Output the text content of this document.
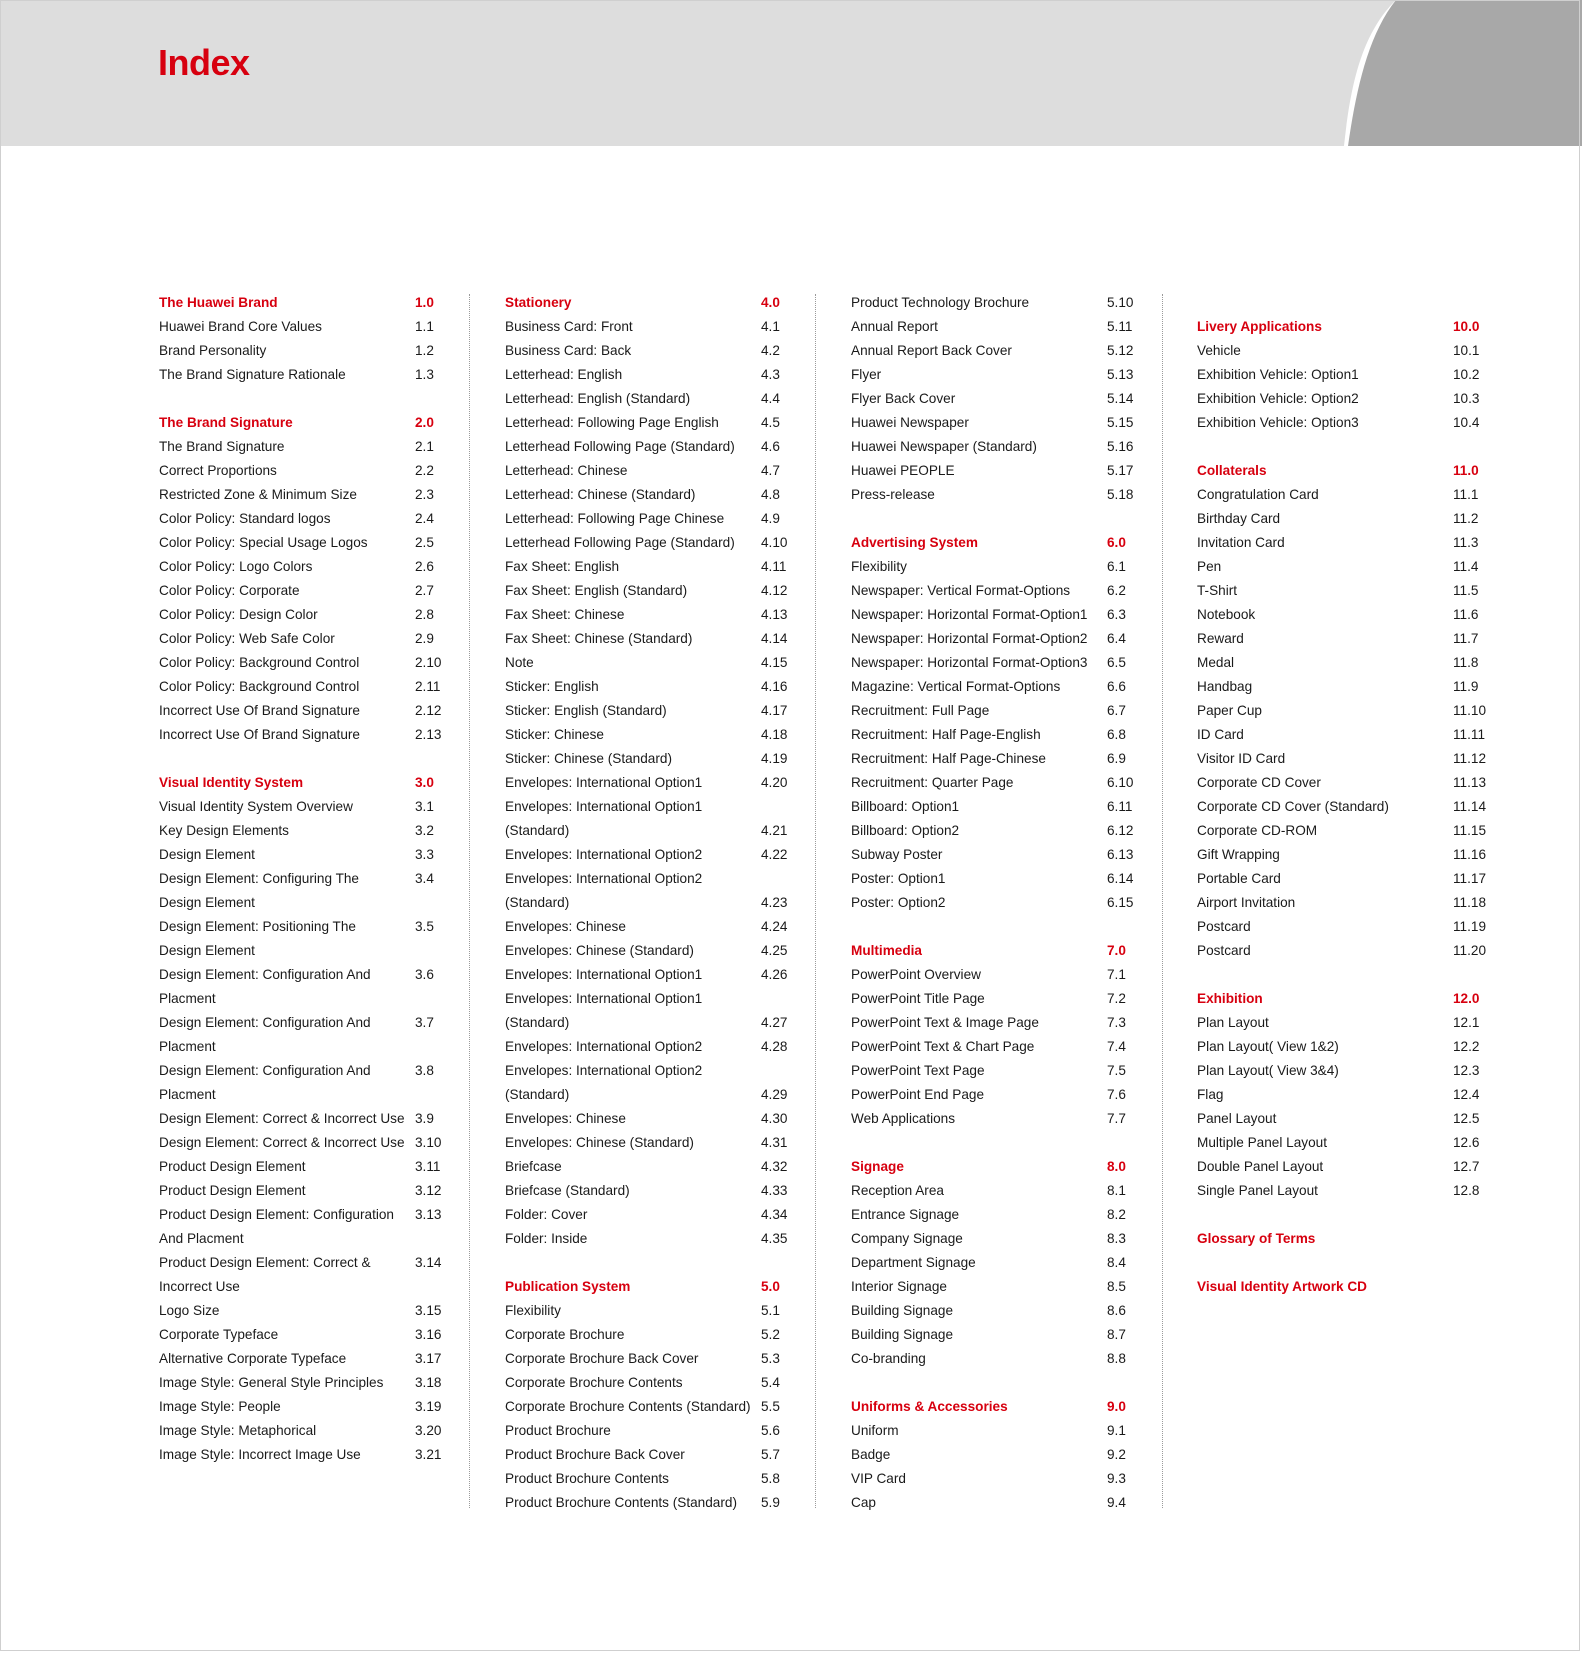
Index
The Huawei Brand	1.0
Huawei Brand Core Values	1.1
Brand Personality	1.2
The Brand Signature Rationale	1.3
The Brand Signature	2.0
The Brand Signature	2.1
Correct Proportions	2.2
Restricted Zone & Minimum Size	2.3
Color Policy: Standard logos	2.4
Color Policy: Special Usage Logos	2.5
Color Policy: Logo Colors	2.6
Color Policy: Corporate	2.7
Color Policy: Design Color	2.8
Color Policy: Web Safe Color	2.9
Color Policy: Background Control	2.10
Color Policy: Background Control	2.11
Incorrect Use Of Brand Signature	2.12
Incorrect Use Of Brand Signature	2.13
Visual Identity System	3.0
Visual Identity System Overview	3.1
Key Design Elements	3.2
Design Element	3.3
Design Element: Configuring The	3.4
Design Element
Design Element: Positioning The	3.5
Design Element
Design Element: Configuration And	3.6
Placment
Design Element: Configuration And	3.7
Placment
Design Element: Configuration And	3.8
Placment
Design Element: Correct & Incorrect Use 3.9
Design Element: Correct & Incorrect Use 3.10
Product Design Element	3.11
Product Design Element	3.12
Product Design Element: Configuration 3.13
And Placment
Product Design Element: Correct &	3.14
Incorrect Use
Logo Size	3.15
Corporate Typeface	3.16
Alternative Corporate Typeface	3.17
Image Style: General Style Principles 3.18
Image Style: People	3.19
Image Style: Metaphorical	3.20
Image Style: Incorrect Image Use	3.21
Stationery	4.0
Business Card: Front	4.1
Business Card: Back	4.2
Letterhead: English	4.3
Letterhead: English (Standard)	4.4
Letterhead: Following Page English	4.5
Letterhead Following Page (Standard) 4.6
Letterhead: Chinese	4.7
Letterhead: Chinese (Standard)	4.8
Letterhead: Following Page Chinese	4.9
Letterhead Following Page (Standard) 4.10
Fax Sheet: English	4.11
Fax Sheet: English (Standard)	4.12
Fax Sheet: Chinese	4.13
Fax Sheet: Chinese (Standard)	4.14
Note	4.15
Sticker: English	4.16
Sticker: English (Standard)	4.17
Sticker: Chinese	4.18
Sticker: Chinese (Standard)	4.19
Envelopes: International Option1	4.20
Envelopes: International Option1
(Standard)	4.21
Envelopes: International Option2	4.22
Envelopes: International Option2
(Standard)	4.23
Envelopes: Chinese	4.24
Envelopes: Chinese (Standard)	4.25
Envelopes: International Option1	4.26
Envelopes: International Option1
(Standard)	4.27
Envelopes: International Option2	4.28
Envelopes: International Option2
(Standard)	4.29
Envelopes: Chinese	4.30
Envelopes: Chinese (Standard)	4.31
Briefcase	4.32
Briefcase (Standard)	4.33
Folder: Cover	4.34
Folder: Inside	4.35
Publication System	5.0
Flexibility	5.1
Corporate Brochure	5.2
Corporate Brochure Back Cover	5.3
Corporate Brochure Contents	5.4
Corporate Brochure Contents (Standard) 5.5
Product Brochure	5.6
Product Brochure Back Cover	5.7
Product Brochure Contents	5.8
Product Brochure Contents (Standard) 5.9
Product Technology Brochure	5.10
Annual Report	5.11
Annual Report Back Cover	5.12
Flyer	5.13
Flyer Back Cover	5.14
Huawei Newspaper	5.15
Huawei Newspaper (Standard)	5.16
Huawei PEOPLE	5.17
Press-release	5.18
Advertising System	6.0
Flexibility	6.1
Newspaper: Vertical Format-Options	6.2
Newspaper: Horizontal Format-Option1 6.3
Newspaper: Horizontal Format-Option2 6.4
Newspaper: Horizontal Format-Option3 6.5
Magazine: Vertical Format-Options	6.6
Recruitment: Full Page	6.7
Recruitment: Half Page-English	6.8
Recruitment: Half Page-Chinese	6.9
Recruitment: Quarter Page	6.10
Billboard: Option1	6.11
Billboard: Option2	6.12
Subway Poster	6.13
Poster: Option1	6.14
Poster: Option2	6.15
Multimedia	7.0
PowerPoint Overview	7.1
PowerPoint Title Page	7.2
PowerPoint Text & Image Page	7.3
PowerPoint Text & Chart Page	7.4
PowerPoint Text Page	7.5
PowerPoint End Page	7.6
Web Applications	7.7
Signage	8.0
Reception Area	8.1
Entrance Signage	8.2
Company Signage	8.3
Department Signage	8.4
Interior Signage	8.5
Building Signage	8.6
Building Signage	8.7
Co-branding	8.8
Uniforms & Accessories	9.0
Uniform	9.1
Badge	9.2
VIP Card	9.3
Cap	9.4
Livery Applications	10.0
Vehicle	10.1
Exhibition Vehicle: Option1	10.2
Exhibition Vehicle: Option2	10.3
Exhibition Vehicle: Option3	10.4
Collaterals	11.0
Congratulation Card	11.1
Birthday Card	11.2
Invitation Card	11.3
Pen	11.4
T-Shirt	11.5
Notebook	11.6
Reward	11.7
Medal	11.8
Handbag	11.9
Paper Cup	11.10
ID Card	11.11
Visitor ID Card	11.12
Corporate CD Cover	11.13
Corporate CD Cover (Standard)	11.14
Corporate CD-ROM	11.15
Gift Wrapping	11.16
Portable Card	11.17
Airport Invitation	11.18
Postcard	11.19
Postcard	11.20
Exhibition	12.0
Plan Layout	12.1
Plan Layout( View 1&2)	12.2
Plan Layout( View 3&4)	12.3
Flag	12.4
Panel Layout	12.5
Multiple Panel Layout	12.6
Double Panel Layout	12.7
Single Panel Layout	12.8
Glossary of Terms
Visual Identity Artwork CD
